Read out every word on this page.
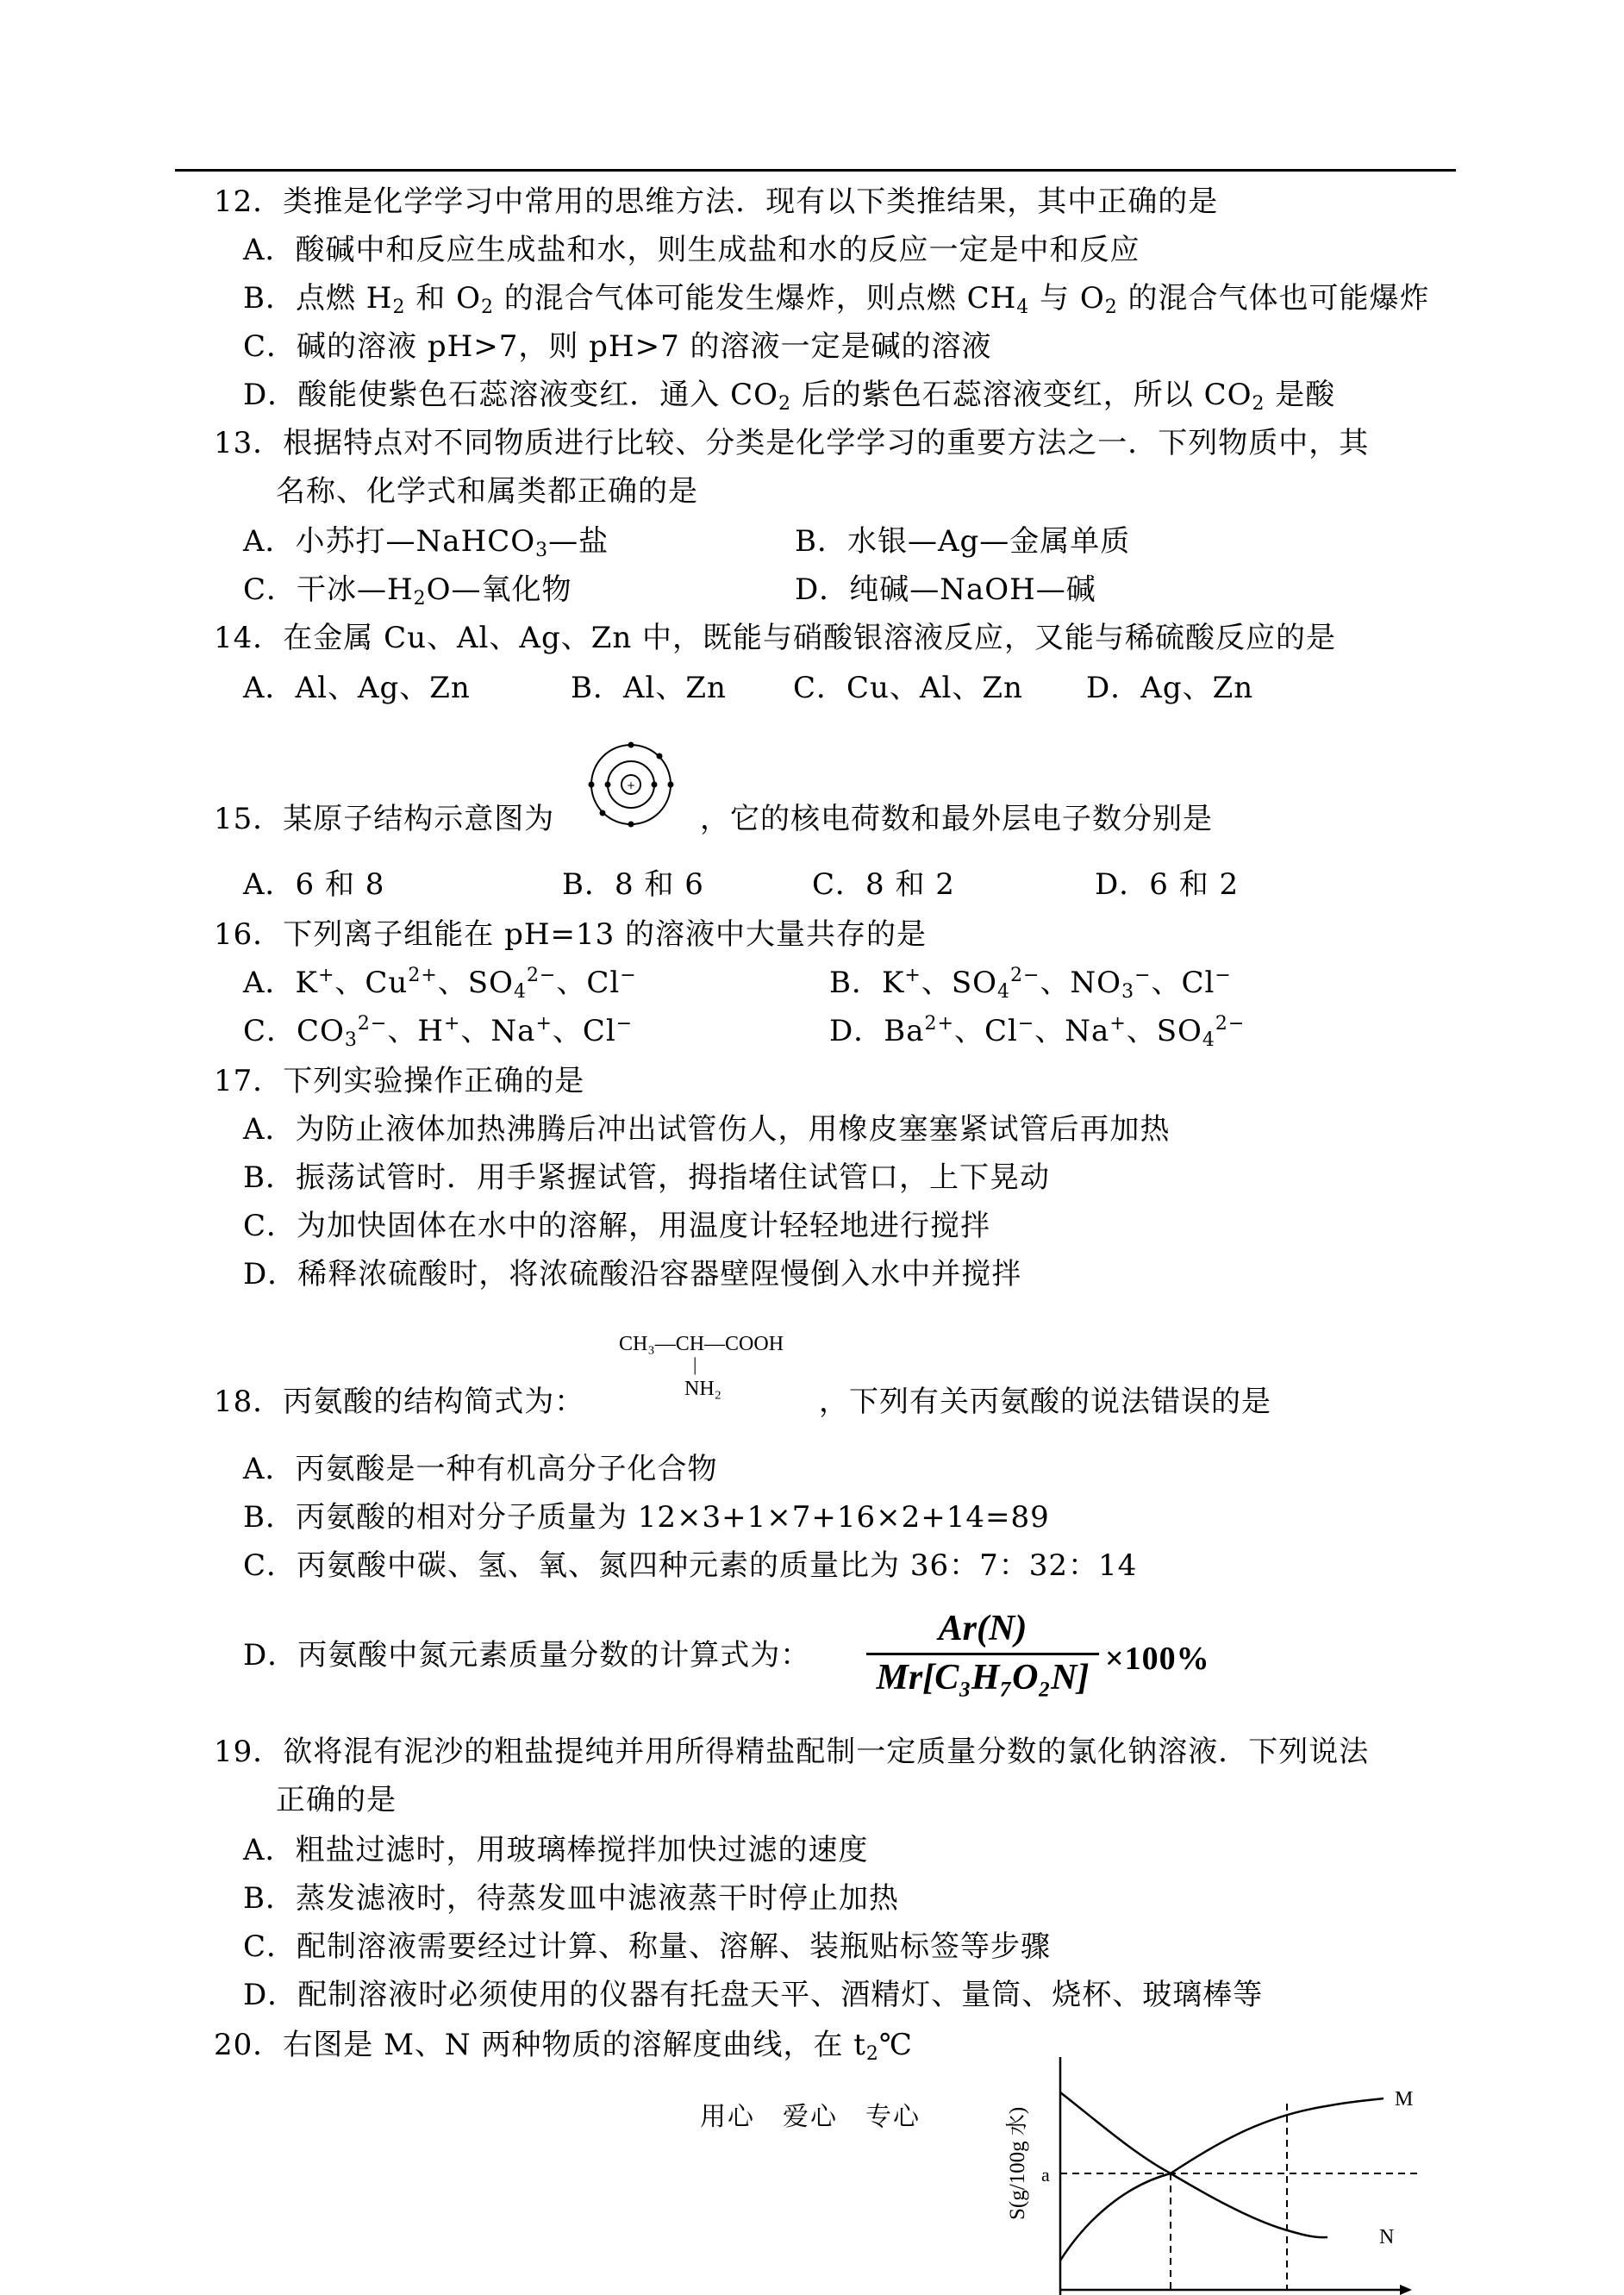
12．类推是化学学习中常用的思维方法．现有以下类推结果，其中正确的是
A．酸碱中和反应生成盐和水，则生成盐和水的反应一定是中和反应
B．点燃 $H_2$ 和 $O_2$ 的混合气体可能发生爆炸，则点燃 $CH_4$ 与 $O_2$ 的混合气体也可能爆炸
C．碱的溶液 pH>7，则 pH>7 的溶液一定是碱的溶液
D．酸能使紫色石蕊溶液变红．通入 $CO_2$ 后的紫色石蕊溶液变红，所以 $CO_2$ 是酸
13．根据特点对不同物质进行比较、分类是化学学习的重要方法之一．下列物质中，其
名称、化学式和属类都正确的是
A．小苏打—NaHCO$_3$—盐	B．水银—Ag—金属单质
C．干冰$—H_2O—$氧化物	D．纯碱—NaOH—碱
14．在金属 Cu、Al、Ag、Zn 中，既能与硝酸银溶液反应，又能与稀硫酸反应的是
A．Al、Ag、Zn	B．Al、Zn C．Cu、Al、Zn D．Ag、Zn
15．某原子结构示意图为
+
，它的核电荷数和最外层电子数分别是
A．6 和 8	B．8 和 6	C．8 和 2	D．6 和 2
16．下列离子组能在 pH=13 的溶液中大量共存的是
A．K+、$Cu^{2+}$、$SO_4^{2-}$、Cl−	B．K+、$SO_4^{2-}$、$NO_3^-$、Cl−
C．$CO_3^{2-}$、H+、Na+、Cl−	D．$Ba^{2+}$、Cl−、Na+、$SO_4^{2-}$
17．下列实验操作正确的是
A．为防止液体加热沸腾后冲出试管伤人，用橡皮塞塞紧试管后再加热
B．振荡试管时．用手紧握试管，拇指堵住试管口，上下晃动
C．为加快固体在水中的溶解，用温度计轻轻地进行搅拌
D．稀释浓硫酸时，将浓硫酸沿容器壁陧慢倒入水中并搅拌
CH₃—CH—COOH
|
NH₂
18．丙氨酸的结构简式为：	，下列有关丙氨酸的说法错误的是
A．丙氨酸是一种有机高分子化合物
B．丙氨酸的相对分子质量为 12×3+1×7+16×2+14=89
C．丙氨酸中碳、氢、氧、氮四种元素的质量比为 36：7：32：14
D．丙氨酸中氮元素质量分数的计算式为：
Ar(N)
Mr[C₃H₇O₂N] ×100%
19．欲将混有泥沙的粗盐提纯并用所得精盐配制一定质量分数的氯化钠溶液．下列说法
正确的是
A．粗盐过滤时，用玻璃棒搅拌加快过滤的速度
B．蒸发滤液时，待蒸发皿中滤液蒸干时停止加热
C．配制溶液需要经过计算、称量、溶解、装瓶贴标签等步骤
D．配制溶液时必须使用的仪器有托盘天平、酒精灯、量筒、烧杯、玻璃棒等
20．右图是 M、N 两种物质的溶解度曲线，在 $t_2℃$
S(g/100g 水) a
M
N
用心　爱心　专心
